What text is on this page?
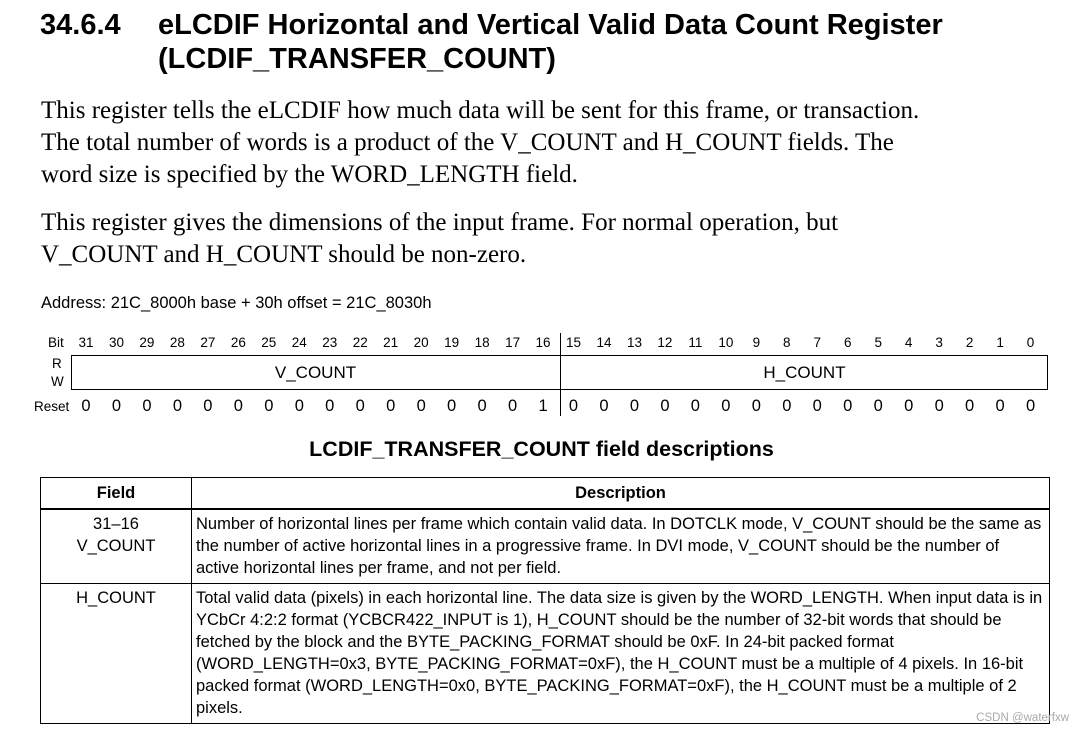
34.6.4 eLCDIF Horizontal and Vertical Valid Data Count Register (LCDIF_TRANSFER_COUNT)

This register tells the eLCDIF how much data will be sent for this frame, or transaction.
The total number of words is a product of the V_COUNT and H_COUNT fields. The
word size is specified by the WORD_LENGTH field.

This register gives the dimensions of the input frame. For normal operation, but
V_COUNT and H_COUNT should be non-zero.

Address: 21C_8000h base + 30h offset = 21C_8030h
Bit	31	30	29	28	27	26	25	24	23	22	21	20	19	18	17	16	15	14	13	12	11	10	9	8	7	6	5	4	3	2	1	0
R
W	V_COUNT	H_COUNT
Reset 0	0	0	0	0	0	0	0	0	0	0	0	0	0	0	1	0	0	0	0	0	0	0	0	0	0	0	0	0	0	0	0
LCDIF_TRANSFER_COUNT field descriptions
Field	Description

31–16
V_COUNT	Number of horizontal lines per frame which contain valid data. In DOTCLK mode, V_COUNT should be the same as the number of active horizontal lines in a progressive frame. In DVI mode, V_COUNT should be the number of active horizontal lines per frame, and not per field.

H_COUNT	Total valid data (pixels) in each horizontal line. The data size is given by the WORD_LENGTH. When input data is in YCbCr 4:2:2 format (YCBCR422_INPUT is 1), H_COUNT should be the number of 32-bit words that should be fetched by the block and the BYTE_PACKING_FORMAT should be 0xF. In 24-bit packed format (WORD_LENGTH=0x3, BYTE_PACKING_FORMAT=0xF), the H_COUNT must be a multiple of 4 pixels. In 16-bit packed format (WORD_LENGTH=0x0, BYTE_PACKING_FORMAT=0xF), the H_COUNT must be a multiple of 2 pixels.
CSDN @waterfxw
